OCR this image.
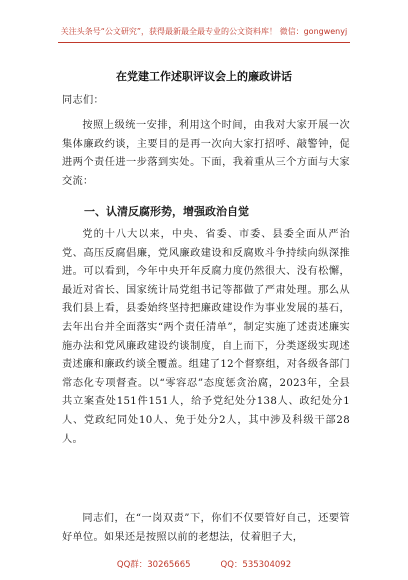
关注头条号“公文研究”，获得最新最全最专业的公文资料库！ 微信：gongwenyj
在党建工作述职评议会上的廉政讲话
同志们：
按照上级统一安排，利用这个时间，由我对大家开展一次集体廉政约谈，主要目的是再一次向大家打招呼、敲警钟，促进两个责任进一步落到实处。下面，我着重从三个方面与大家交流：
一、认清反腐形势，增强政治自觉
党的十八大以来，中央、省委、市委、县委全面从严治党、高压反腐倡廉，党风廉政建设和反腐败斗争持续向纵深推进。可以看到，今年中央开年反腐力度仍然很大、没有松懈，最近对省长、国家统计局党组书记等都做了严肃处理。那么从我们县上看，县委始终坚持把廉政建设作为事业发展的基石，去年出台并全面落实“两个责任清单”，制定实施了述责述廉实施办法和党风廉政建设约谈制度，自上而下，分类逐级实现述责述廉和廉政约谈全覆盖。组建了12个督察组，对各级各部门常态化专项督查。以“零容忍”态度惩贪治腐，2023年，全县共立案查处151件151人，给予党纪处分138人、政纪处分1人、党政纪同处10人、免于处分2人，其中涉及科级干部28人。
同志们，在“一岗双责”下，你们不仅要管好自己，还要管好单位。如果还是按照以前的老想法，仗着胆子大，
QQ群：30265665	QQ：535304092
